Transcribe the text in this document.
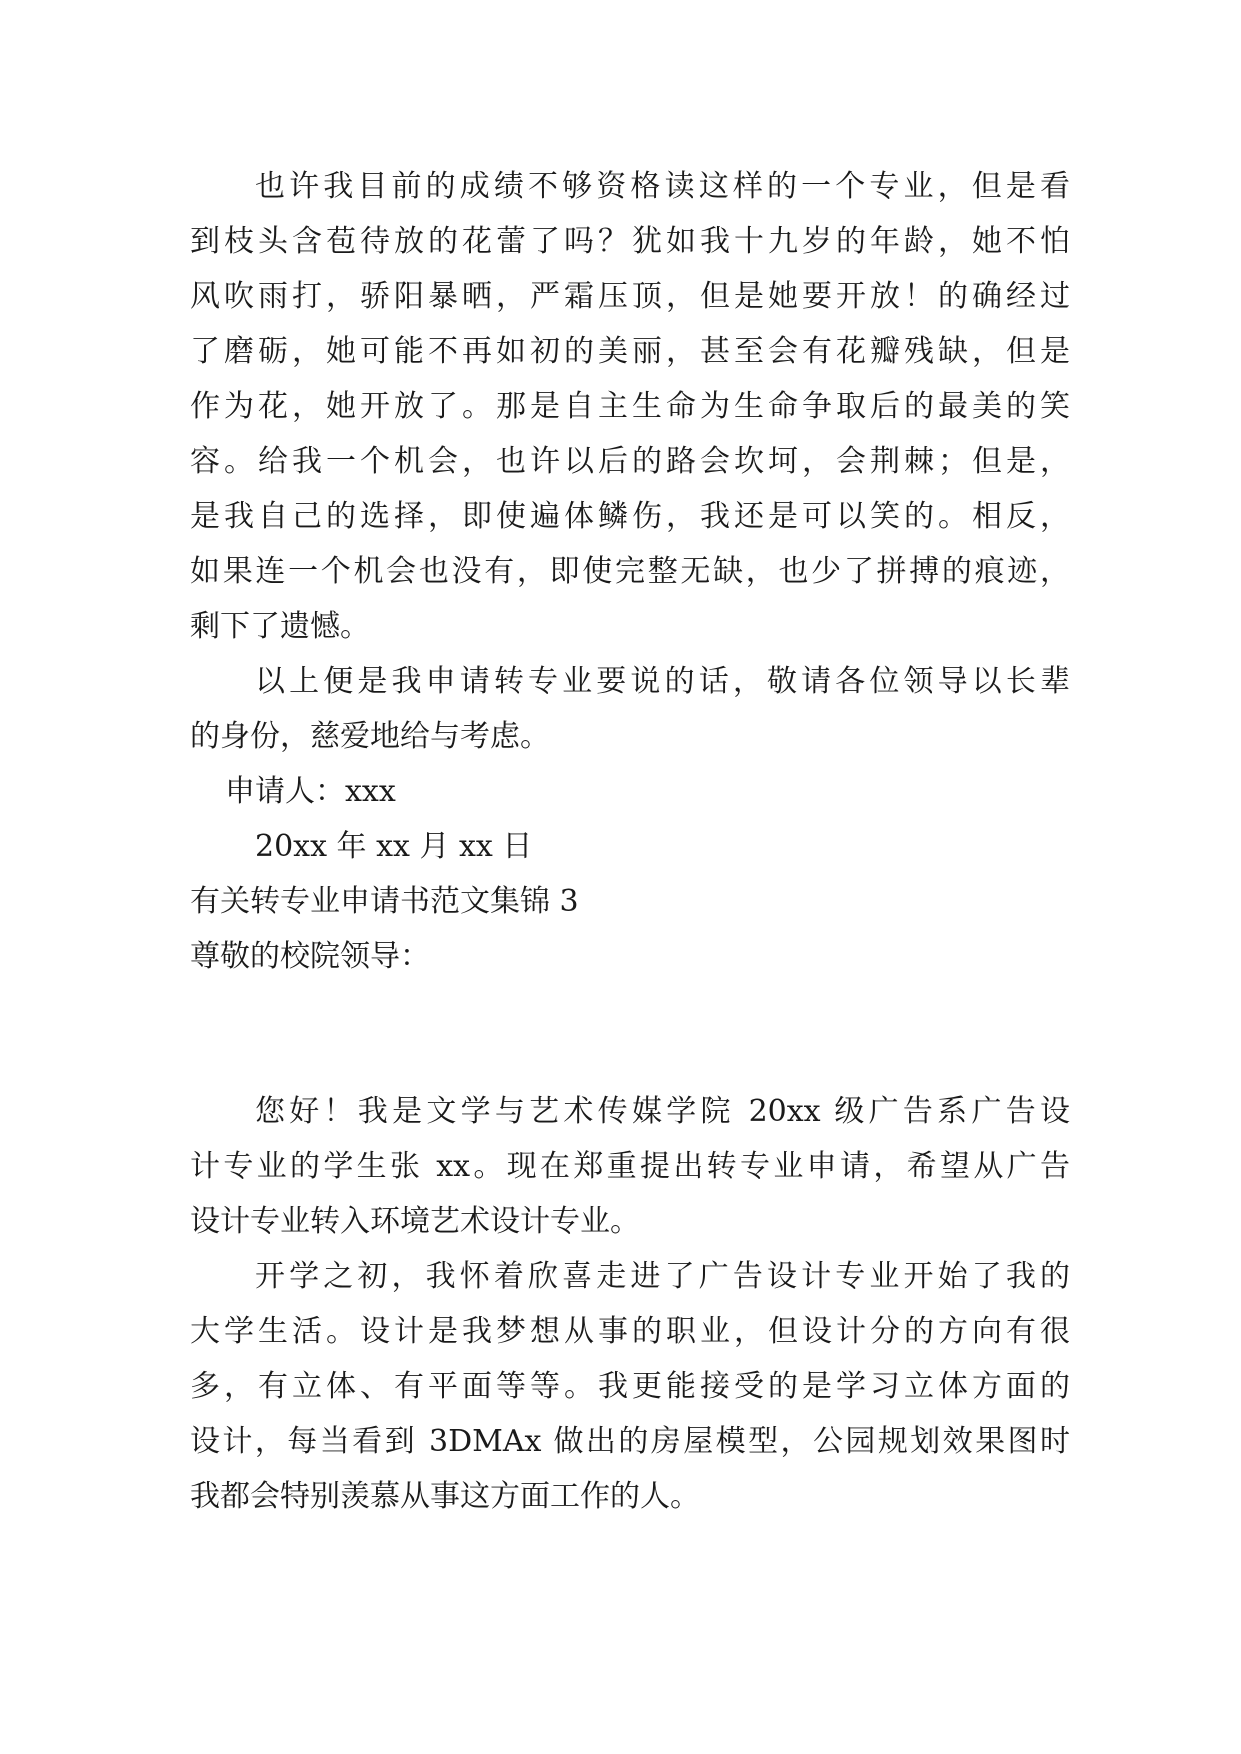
也许我目前的成绩不够资格读这样的一个专业，但是看
到枝头含苞待放的花蕾了吗？犹如我十九岁的年龄，她不怕
风吹雨打，骄阳暴晒，严霜压顶，但是她要开放！的确经过
了磨砺，她可能不再如初的美丽，甚至会有花瓣残缺，但是
作为花，她开放了。那是自主生命为生命争取后的最美的笑
容。给我一个机会，也许以后的路会坎坷，会荆棘；但是，
是我自己的选择，即使遍体鳞伤，我还是可以笑的。相反，
如果连一个机会也没有，即使完整无缺，也少了拼搏的痕迹，
剩下了遗憾。
以上便是我申请转专业要说的话，敬请各位领导以长辈
的身份，慈爱地给与考虑。
申请人：xxx
20xx 年 xx 月 xx 日
有关转专业申请书范文集锦 3
尊敬的校院领导：
您好！我是文学与艺术传媒学院 20xx 级广告系广告设
计专业的学生张 xx。现在郑重提出转专业申请，希望从广告
设计专业转入环境艺术设计专业。
开学之初，我怀着欣喜走进了广告设计专业开始了我的
大学生活。设计是我梦想从事的职业，但设计分的方向有很
多，有立体、有平面等等。我更能接受的是学习立体方面的
设计，每当看到 3DMAx 做出的房屋模型，公园规划效果图时
我都会特别羡慕从事这方面工作的人。
